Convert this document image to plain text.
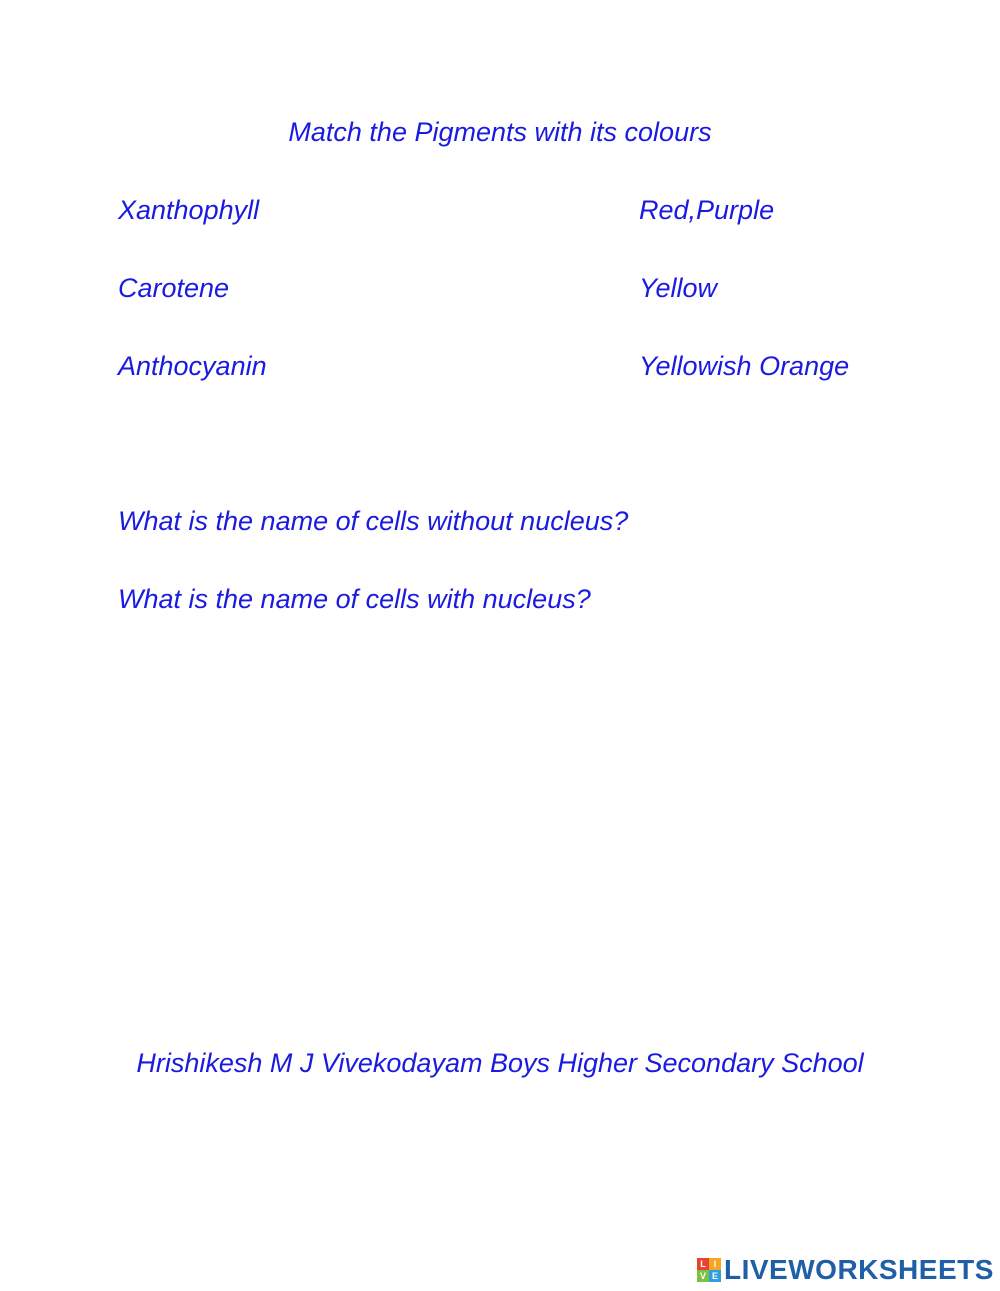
Match the Pigments with its colours
Xanthophyll
Carotene
Anthocyanin
Red,Purple
Yellow
Yellowish Orange
What is the name of cells without nucleus?
What is the name of cells with nucleus?
Hrishikesh M J Vivekodayam Boys Higher Secondary School
L I
V E LIVEWORKSHEETS
